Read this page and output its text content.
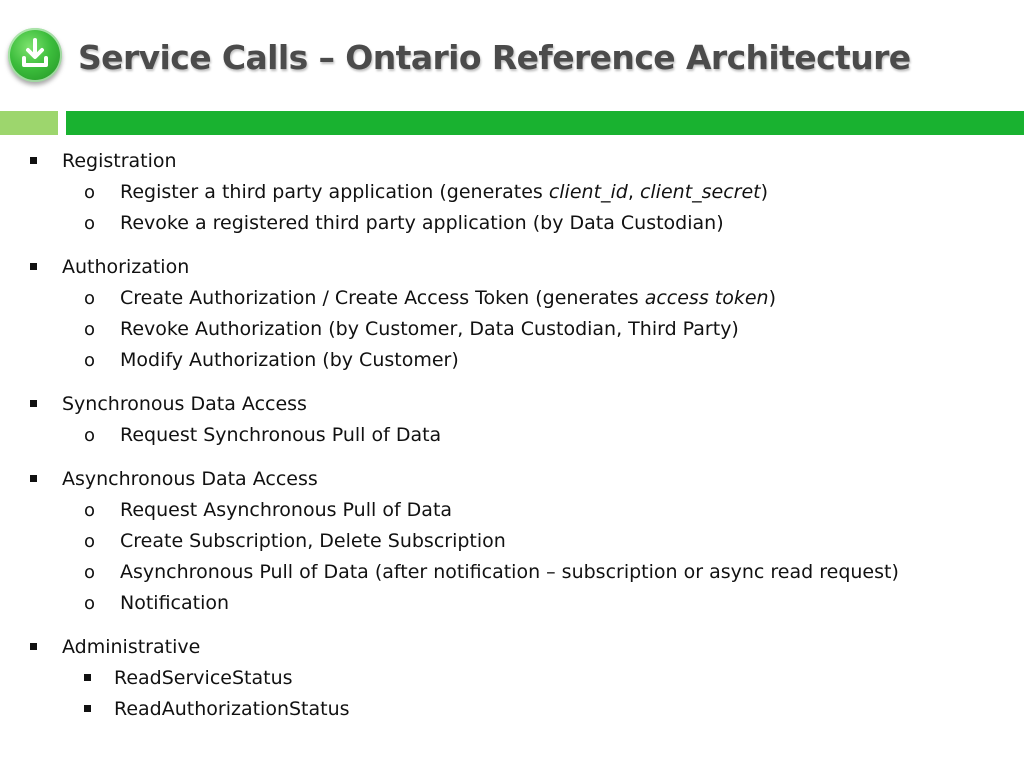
Service Calls – Ontario Reference Architecture
Registration
o Register a third party application (generates client_id, client_secret)
o Revoke a registered third party application (by Data Custodian)
Authorization
o Create Authorization / Create Access Token (generates access token)
o Revoke Authorization (by Customer, Data Custodian, Third Party)
o Modify Authorization (by Customer)
Synchronous Data Access
o Request Synchronous Pull of Data
Asynchronous Data Access
o Request Asynchronous Pull of Data
o Create Subscription, Delete Subscription
o Asynchronous Pull of Data (after notification – subscription or async read request)
o Notification
Administrative
ReadServiceStatus
ReadAuthorizationStatus
